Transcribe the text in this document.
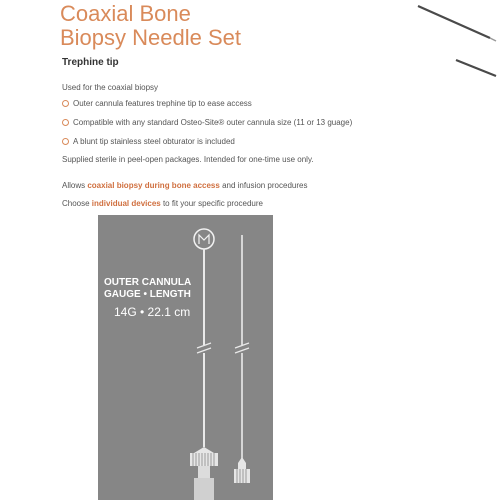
Coaxial Bone
Biopsy Needle Set
Trephine tip
Used for the coaxial biopsy
Outer cannula features trephine tip to ease access
Compatible with any standard Osteo-Site® outer cannula size (11 or 13 guage)
A blunt tip stainless steel obturator is included
Supplied sterile in peel-open packages. Intended for one-time use only.
Allows coaxial biopsy during bone access and infusion procedures
Choose individual devices to fit your specific procedure
OUTER CANNULA
GAUGE • LENGTH
14G • 22.1 cm
